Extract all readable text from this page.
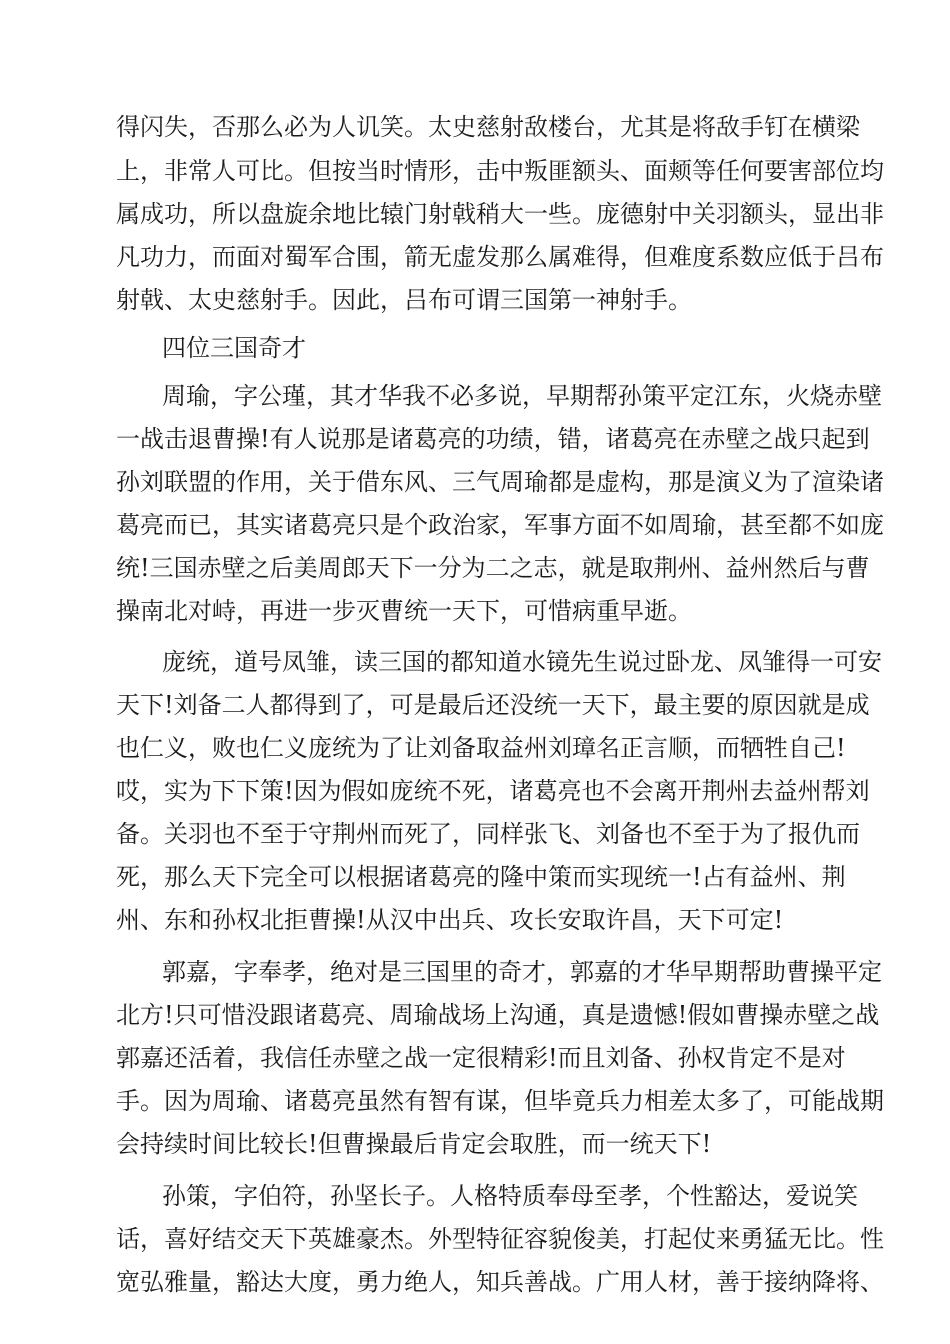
得闪失，否那么必为人讥笑。太史慈射敌楼台，尤其是将敌手钉在横梁
上，非常人可比。但按当时情形，击中叛匪额头、面颊等任何要害部位均
属成功，所以盘旋余地比辕门射戟稍大一些。庞德射中关羽额头，显出非
凡功力，而面对蜀军合围，箭无虚发那么属难得，但难度系数应低于吕布
射戟、太史慈射手。因此，吕布可谓三国第一神射手。
四位三国奇才
周瑜，字公瑾，其才华我不必多说，早期帮孙策平定江东，火烧赤壁
一战击退曹操!有人说那是诸葛亮的功绩，错，诸葛亮在赤壁之战只起到
孙刘联盟的作用，关于借东风、三气周瑜都是虚构，那是演义为了渲染诸
葛亮而已，其实诸葛亮只是个政治家，军事方面不如周瑜，甚至都不如庞
统!三国赤壁之后美周郎天下一分为二之志，就是取荆州、益州然后与曹
操南北对峙，再进一步灭曹统一天下，可惜病重早逝。
庞统，道号凤雏，读三国的都知道水镜先生说过卧龙、凤雏得一可安
天下!刘备二人都得到了，可是最后还没统一天下，最主要的原因就是成
也仁义，败也仁义庞统为了让刘备取益州刘璋名正言顺，而牺牲自己!
哎，实为下下策!因为假如庞统不死，诸葛亮也不会离开荆州去益州帮刘
备。关羽也不至于守荆州而死了，同样张飞、刘备也不至于为了报仇而
死，那么天下完全可以根据诸葛亮的隆中策而实现统一!占有益州、荆
州、东和孙权北拒曹操!从汉中出兵、攻长安取许昌，天下可定!
郭嘉，字奉孝，绝对是三国里的奇才，郭嘉的才华早期帮助曹操平定
北方!只可惜没跟诸葛亮、周瑜战场上沟通，真是遗憾!假如曹操赤壁之战
郭嘉还活着，我信任赤壁之战一定很精彩!而且刘备、孙权肯定不是对
手。因为周瑜、诸葛亮虽然有智有谋，但毕竟兵力相差太多了，可能战期
会持续时间比较长!但曹操最后肯定会取胜，而一统天下!
孙策，字伯符，孙坚长子。人格特质奉母至孝，个性豁达，爱说笑
话，喜好结交天下英雄豪杰。外型特征容貌俊美，打起仗来勇猛无比。性
宽弘雅量，豁达大度，勇力绝人，知兵善战。广用人材，善于接纳降将、
